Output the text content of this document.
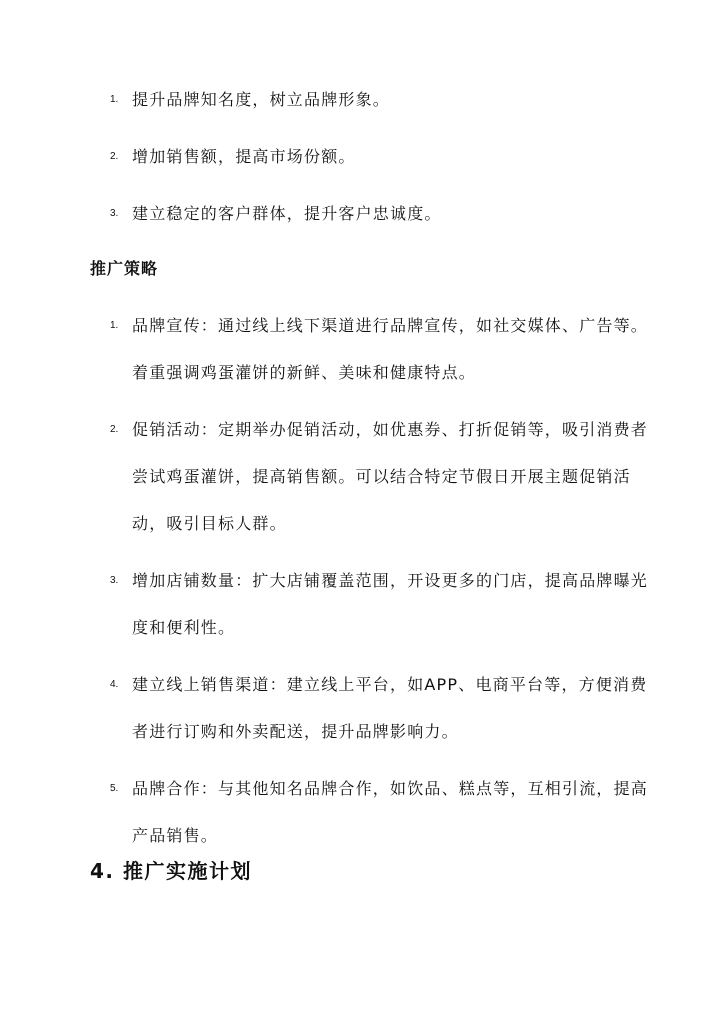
1. 提升品牌知名度，树立品牌形象。
2. 增加销售额，提高市场份额。
3. 建立稳定的客户群体，提升客户忠诚度。
推广策略
1. 品牌宣传：通过线上线下渠道进行品牌宣传，如社交媒体、广告等。着重强调鸡蛋灌饼的新鲜、美味和健康特点。
2. 促销活动：定期举办促销活动，如优惠券、打折促销等，吸引消费者尝试鸡蛋灌饼，提高销售额。可以结合特定节假日开展主题促销活动，吸引目标人群。
3. 增加店铺数量：扩大店铺覆盖范围，开设更多的门店，提高品牌曝光度和便利性。
4. 建立线上销售渠道：建立线上平台，如APP、电商平台等，方便消费者进行订购和外卖配送，提升品牌影响力。
5. 品牌合作：与其他知名品牌合作，如饮品、糕点等，互相引流，提高产品销售。
4. 推广实施计划
